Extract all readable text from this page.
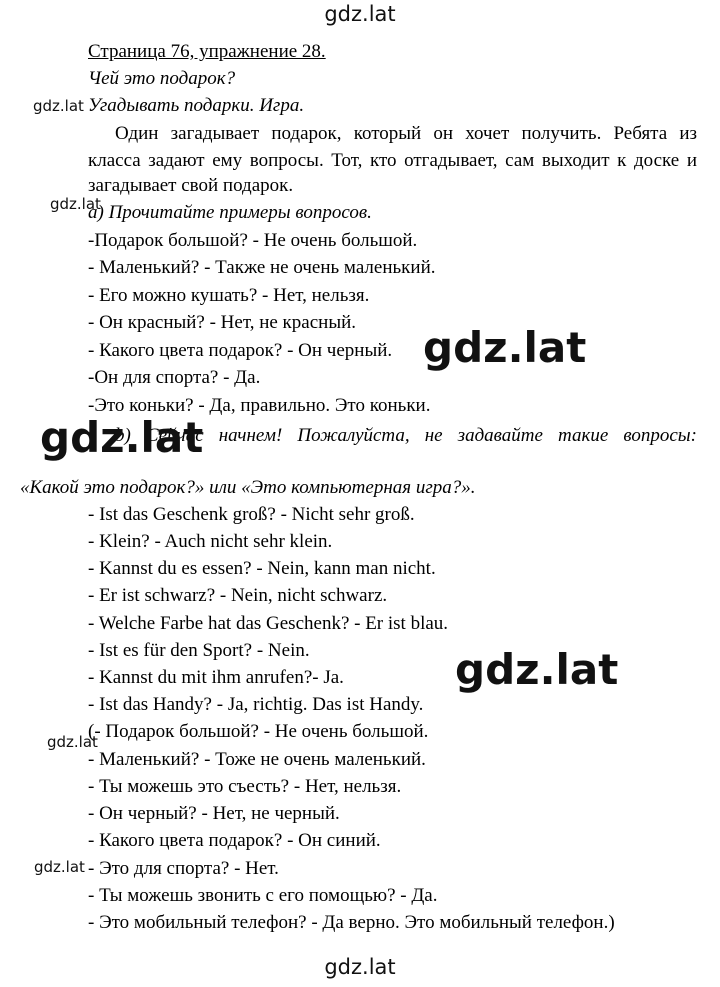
gdz.lat
gdz.lat
gdz.lat
gdz.lat
gdz.lat
Страница 76, упражнение 28.
Чей это подарок?
Угадывать подарки. Игра.
Один загадывает подарок, который он хочет получить. Ребята из
класса задают ему вопросы. Тот, кто отгадывает, сам выходит к доске и
загадывает свой подарок.
а) Прочитайте примеры вопросов.
-Подарок большой? - Не очень большой.
- Маленький? - Также не очень маленький.
- Его можно кушать? - Нет, нельзя.
- Он красный? - Нет, не красный.
- Какого цвета подарок? - Он черный.
-Он для спорта? - Да.
-Это коньки? - Да, правильно. Это коньки.
b) Сейчас начнем! Пожалуйста, не задавайте такие вопросы:
«Какой это подарок?» или «Это компьютерная игра?».
- Ist das Geschenk groß? - Nicht sehr groß.
- Klein? - Auch nicht sehr klein.
- Kannst du es essen? - Nein, kann man nicht.
- Er ist schwarz? - Nein, nicht schwarz.
- Welche Farbe hat das Geschenk? - Er ist blau.
- Ist es für den Sport? - Nein.
- Kannst du mit ihm anrufen?- Ja.
- Ist das Handy? - Ja, richtig. Das ist Handy.
(- Подарок большой? - Не очень большой.
- Маленький? - Тоже не очень маленький.
- Ты можешь это съесть? - Нет, нельзя.
- Он черный? - Нет, не черный.
- Какого цвета подарок? - Он синий.
- Это для спорта? - Нет.
- Ты можешь звонить с его помощью? - Да.
- Это мобильный телефон? - Да верно. Это мобильный телефон.)
gdz.lat
gdz.lat
gdz.lat
gdz.lat
